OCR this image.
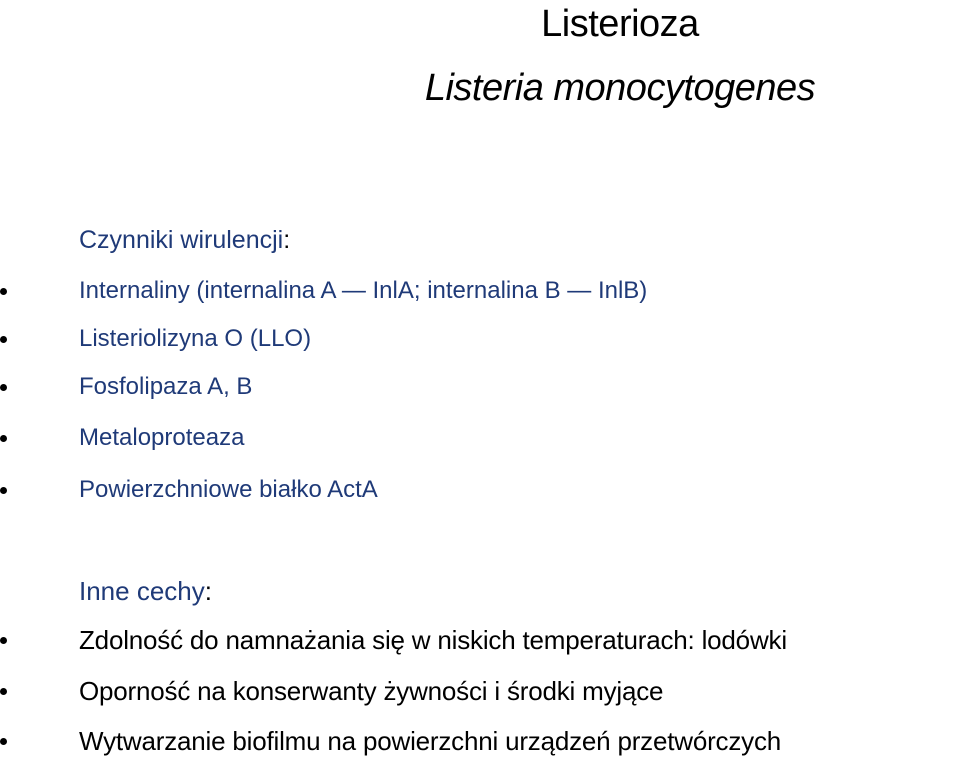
Listerioza
Listeria monocytogenes
Czynniki wirulencji:
Internaliny (internalina A — InlA; internalina B — InlB)
Listeriolizyna O (LLO)
Fosfolipaza A, B
Metaloproteaza
Powierzchniowe białko ActA
Inne cechy:
Zdolność do namnażania się w niskich temperaturach: lodówki
Oporność na konserwanty żywności i środki myjące
Wytwarzanie biofilmu na powierzchni urządzeń przetwórczych
